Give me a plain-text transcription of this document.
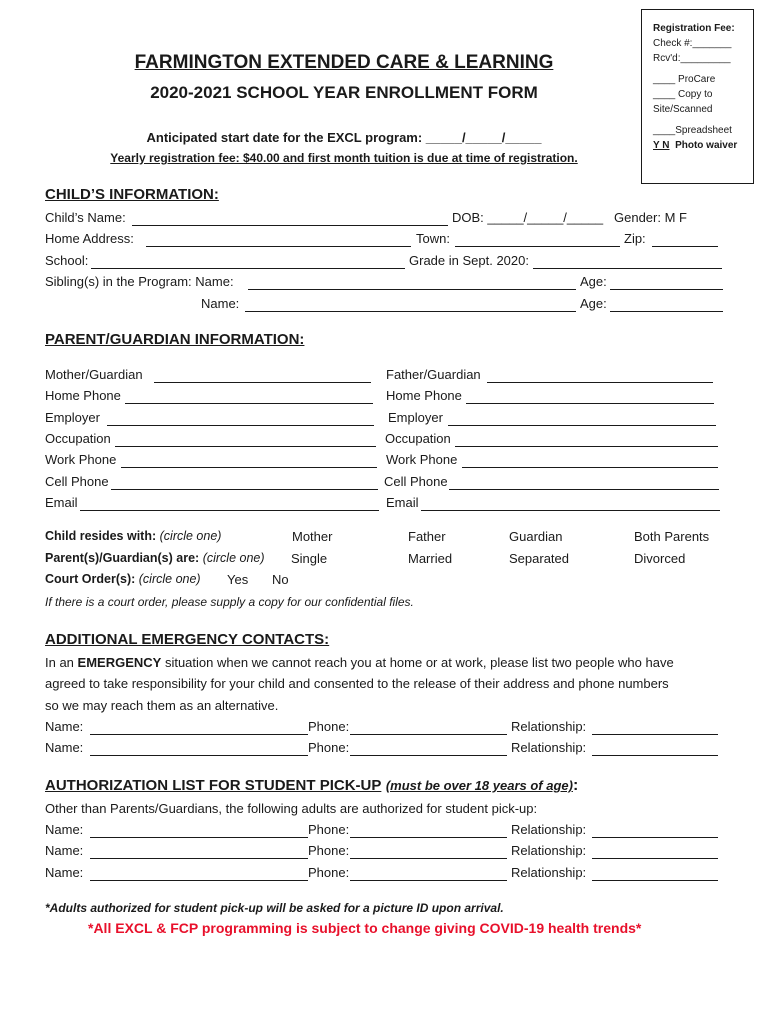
Registration Fee:
Check #:_______
Rcv'd:_________
____ ProCare
____ Copy to
Site/Scanned
____Spreadsheet
Y N Photo waiver
FARMINGTON EXTENDED CARE & LEARNING
2020-2021 SCHOOL YEAR ENROLLMENT FORM
Anticipated start date for the EXCL program: _____/_____/_____
Yearly registration fee: $40.00 and first month tuition is due at time of registration.
CHILD’S INFORMATION:
Child’s Name:	DOB: _____/_____/_____ Gender: M F
Home Address:	Town:	Zip:
School:	Grade in Sept. 2020:
Sibling(s) in the Program: Name:	Age:
Name:	Age:
PARENT/GUARDIAN INFORMATION:
Mother/Guardian	Father/Guardian
Home Phone	Home Phone
Employer	Employer
Occupation	Occupation
Work Phone	Work Phone
Cell Phone	Cell Phone
Email	Email
Child resides with: (circle one)	Mother	Father	Guardian	Both Parents
Parent(s)/Guardian(s) are: (circle one) Single	Married	Separated	Divorced
Court Order(s): (circle one) Yes No
If there is a court order, please supply a copy for our confidential files.
ADDITIONAL EMERGENCY CONTACTS:
In an EMERGENCY situation when we cannot reach you at home or at work, please list two people who have
agreed to take responsibility for your child and consented to the release of their address and phone numbers
so we may reach them as an alternative.
Name:	Phone:	Relationship:
Name:	Phone:	Relationship:
AUTHORIZATION LIST FOR STUDENT PICK-UP (must be over 18 years of age):
Other than Parents/Guardians, the following adults are authorized for student pick-up:
Name:	Phone:	Relationship:
Name:	Phone:	Relationship:
Name:	Phone:	Relationship:
*Adults authorized for student pick-up will be asked for a picture ID upon arrival.
*All EXCL & FCP programming is subject to change giving COVID-19 health trends*
